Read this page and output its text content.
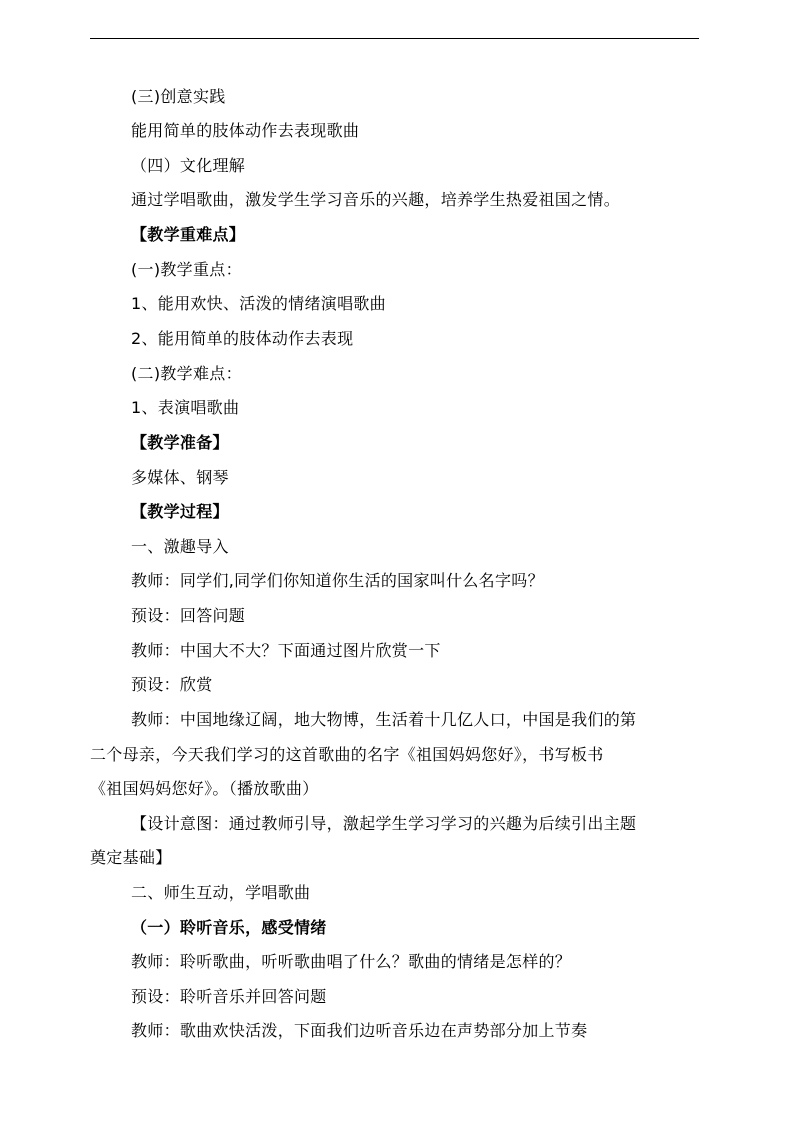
(三)创意实践
能用简单的肢体动作去表现歌曲
（四）文化理解
通过学唱歌曲，激发学生学习音乐的兴趣，培养学生热爱祖国之情。
【教学重难点】
(一)教学重点：
1、能用欢快、活泼的情绪演唱歌曲
2、能用简单的肢体动作去表现
(二)教学难点：
1、表演唱歌曲
【教学准备】
多媒体、钢琴
【教学过程】
一、激趣导入
教师：同学们,同学们你知道你生活的国家叫什么名字吗？
预设：回答问题
教师：中国大不大？下面通过图片欣赏一下
预设：欣赏
教师：中国地缘辽阔，地大物博，生活着十几亿人口，中国是我们的第
二个母亲，今天我们学习的这首歌曲的名字《祖国妈妈您好》，书写板书
《祖国妈妈您好》。（播放歌曲）
【设计意图：通过教师引导，激起学生学习学习的兴趣为后续引出主题
奠定基础】
二、师生互动，学唱歌曲
（一）聆听音乐，感受情绪
教师：聆听歌曲，听听歌曲唱了什么？歌曲的情绪是怎样的？
预设：聆听音乐并回答问题
教师：歌曲欢快活泼，下面我们边听音乐边在声势部分加上节奏
